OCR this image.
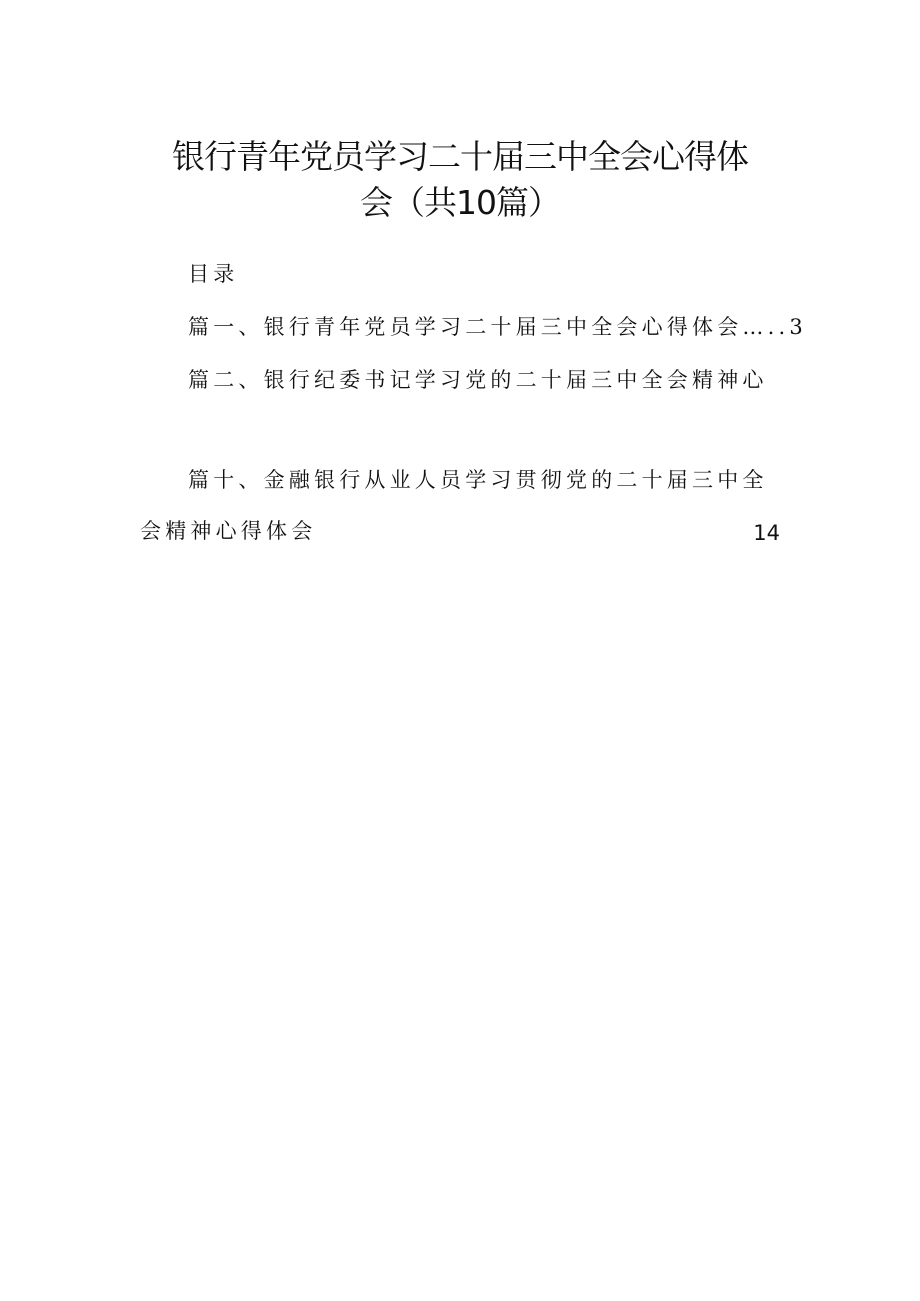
银行青年党员学习二十届三中全会心得体
会（共10篇）
目录
篇一、银行青年党员学习二十届三中全会心得体会…..3
篇二、银行纪委书记学习党的二十届三中全会精神心
篇十、金融银行从业人员学习贯彻党的二十届三中全
会精神心得体会	14
